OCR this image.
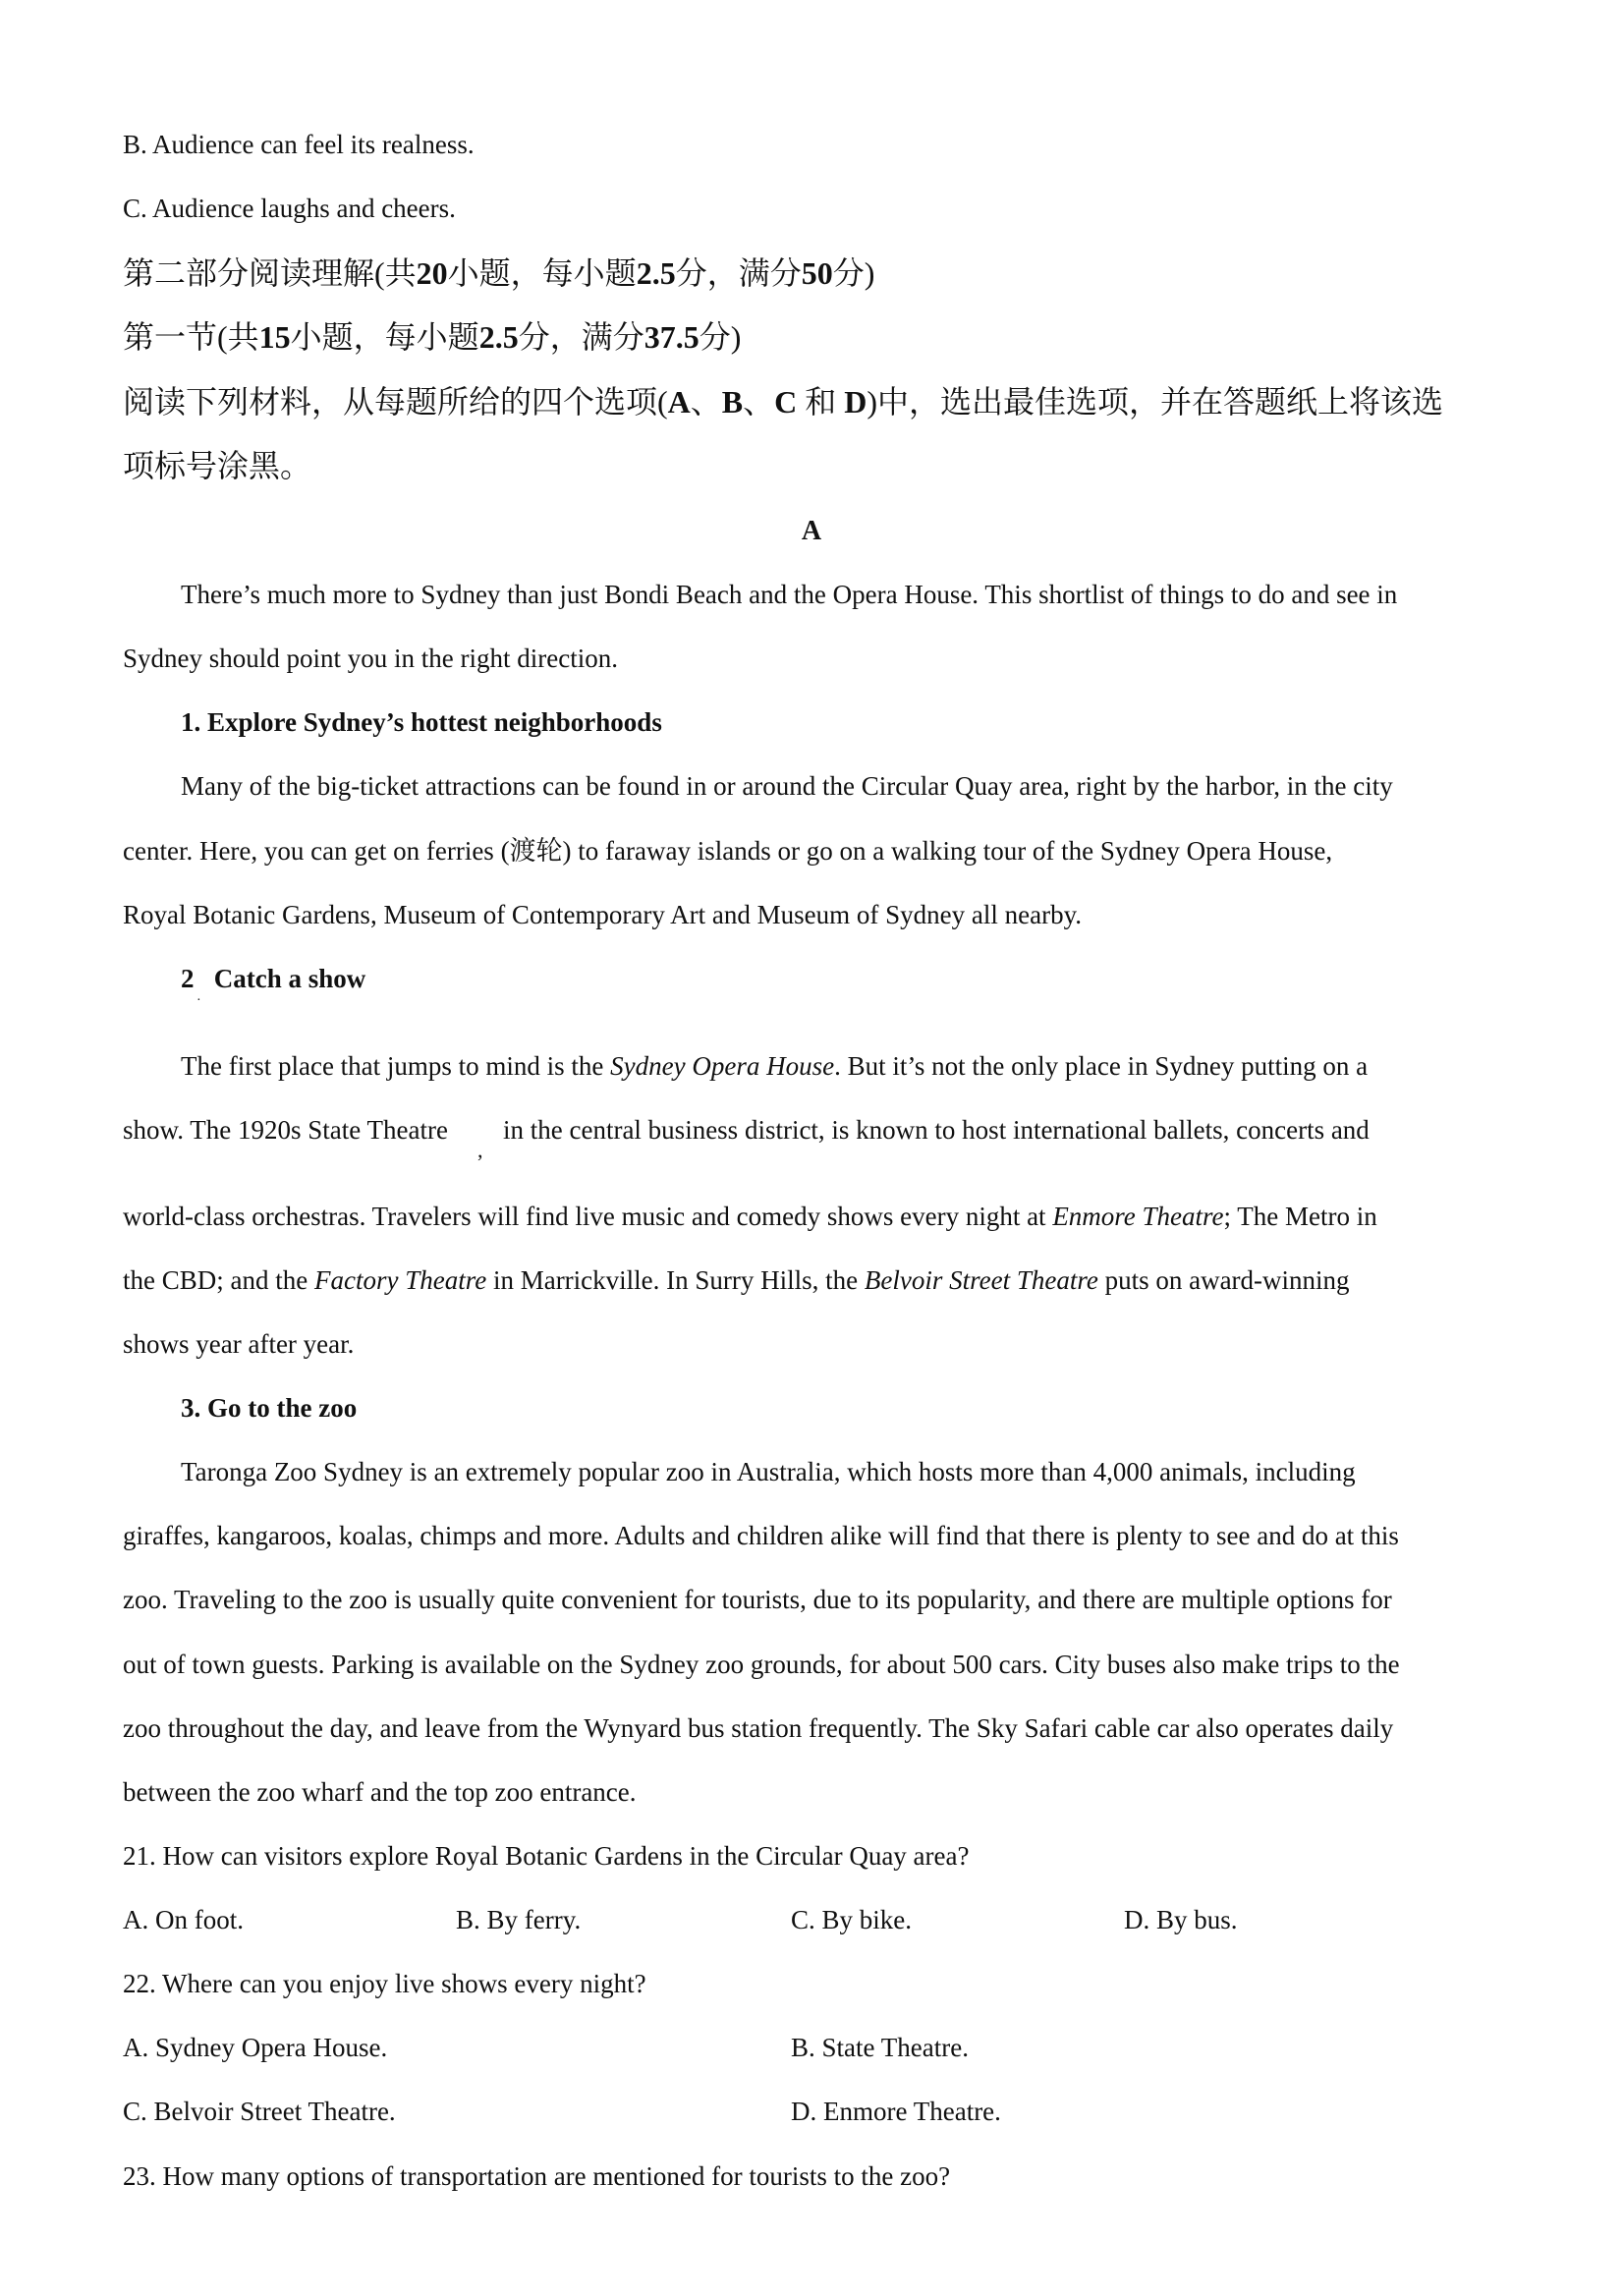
B. Audience can feel its realness.
C. Audience laughs and cheers.
第二部分阅读理解(共20小题，每小题2.5分，满分50分)
第一节(共15小题，每小题2.5分，满分37.5分)
阅读下列材料，从每题所给的四个选项(A、B、C 和 D)中，选出最佳选项，并在答题纸上将该选
项标号涂黑。
A
There’s much more to Sydney than just Bondi Beach and the Opera House. This shortlist of things to do and see in
Sydney should point you in the right direction.
1. Explore Sydney’s hottest neighborhoods
Many of the big-ticket attractions can be found in or around the Circular Quay area, right by the harbor, in the city
center. Here, you can get on ferries (渡轮) to faraway islands or go on a walking tour of the Sydney Opera House,
Royal Botanic Gardens, Museum of Contemporary Art and Museum of Sydney all nearby.
2   Catch a show
·
The first place that jumps to mind is the Sydney Opera House. But it’s not the only place in Sydney putting on a
show. The 1920s State Theatre
,
in the central business district, is known to host international ballets, concerts and
world-class orchestras. Travelers will find live music and comedy shows every night at Enmore Theatre; The Metro in
the CBD; and the Factory Theatre in Marrickville. In Surry Hills, the Belvoir Street Theatre puts on award-winning
shows year after year.
3. Go to the zoo
Taronga Zoo Sydney is an extremely popular zoo in Australia, which hosts more than 4,000 animals, including
giraffes, kangaroos, koalas, chimps and more. Adults and children alike will find that there is plenty to see and do at this
zoo. Traveling to the zoo is usually quite convenient for tourists, due to its popularity, and there are multiple options for
out of town guests. Parking is available on the Sydney zoo grounds, for about 500 cars. City buses also make trips to the
zoo throughout the day, and leave from the Wynyard bus station frequently. The Sky Safari cable car also operates daily
between the zoo wharf and the top zoo entrance.
21. How can visitors explore Royal Botanic Gardens in the Circular Quay area?
A. On foot.	B. By ferry.	C. By bike.	D. By bus.
22. Where can you enjoy live shows every night?
A. Sydney Opera House.	B. State Theatre.
C. Belvoir Street Theatre.	D. Enmore Theatre.
23. How many options of transportation are mentioned for tourists to the zoo?
